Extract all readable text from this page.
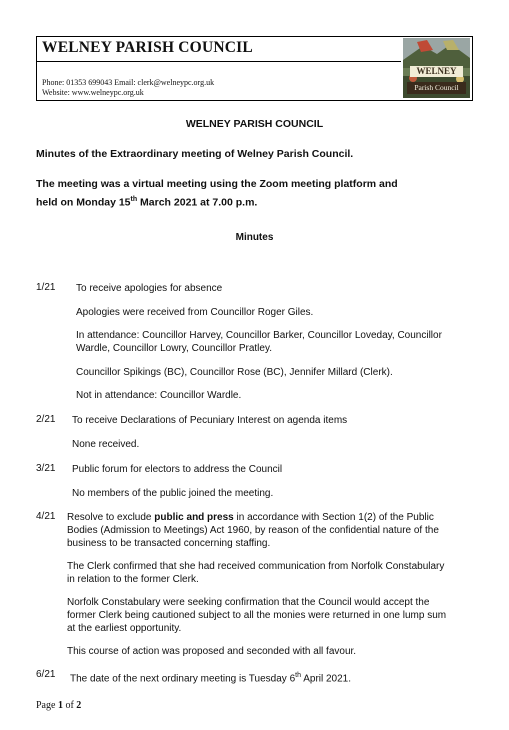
WELNEY PARISH COUNCIL
Phone: 01353 699043 Email: clerk@welneypc.org.uk
Website: www.welneypc.org.uk
WELNEY
Parish Council
WELNEY PARISH COUNCIL
Minutes of the Extraordinary meeting of Welney Parish Council.
The meeting was a virtual meeting using the Zoom meeting platform and
held on Monday 15th March 2021 at 7.00 p.m.
Minutes
1/21 To receive apologies for absence
Apologies were received from Councillor Roger Giles.
In attendance: Councillor Harvey, Councillor Barker, Councillor Loveday, Councillor
Wardle, Councillor Lowry, Councillor Pratley.
Councillor Spikings (BC), Councillor Rose (BC), Jennifer Millard (Clerk).
Not in attendance: Councillor Wardle.
2/21 To receive Declarations of Pecuniary Interest on agenda items
None received.
3/21 Public forum for electors to address the Council
No members of the public joined the meeting.
4/21 Resolve to exclude public and press in accordance with Section 1(2) of the Public
Bodies (Admission to Meetings) Act 1960, by reason of the confidential nature of the
business to be transacted concerning staffing.
The Clerk confirmed that she had received communication from Norfolk Constabulary
in relation to the former Clerk.
Norfolk Constabulary were seeking confirmation that the Council would accept the
former Clerk being cautioned subject to all the monies were returned in one lump sum
at the earliest opportunity.
This course of action was proposed and seconded with all favour.
6/21 The date of the next ordinary meeting is Tuesday 6th April 2021.
Page 1 of 2
